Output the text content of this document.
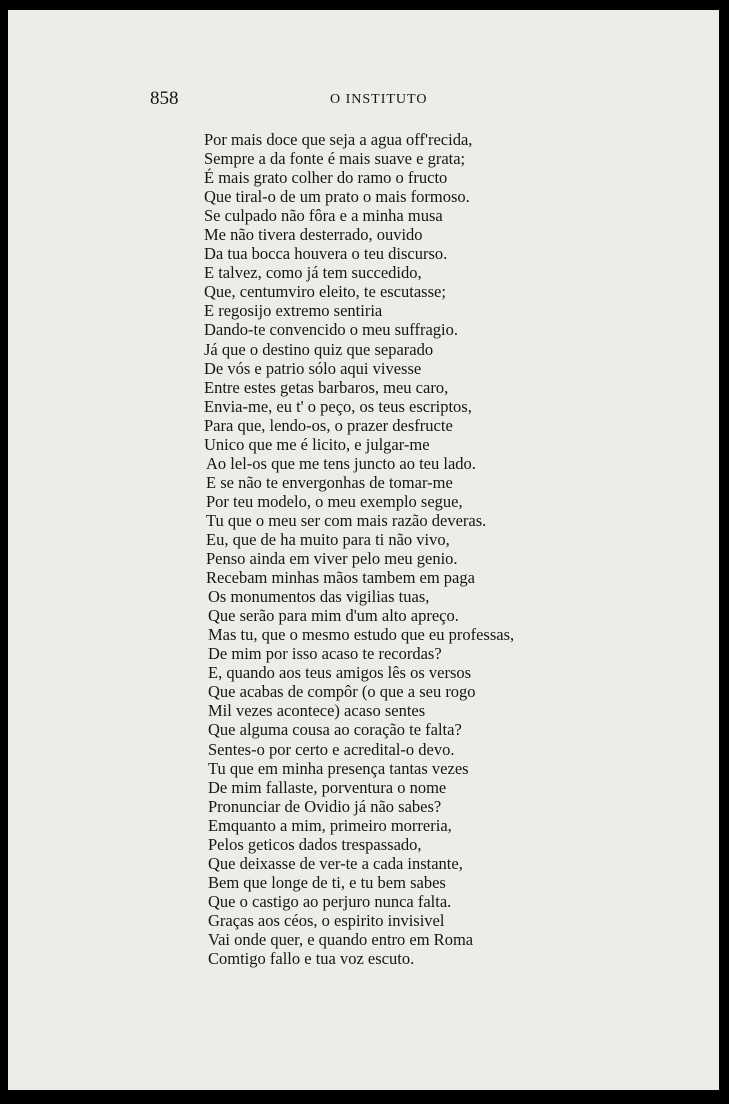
858	O INSTITUTO
Por mais doce que seja a agua off'recida,
Sempre a da fonte é mais suave e grata;
É mais grato colher do ramo o fructo
Que tiral-o de um prato o mais formoso.
Se culpado não fôra e a minha musa
Me não tivera desterrado, ouvido
Da tua bocca houvera o teu discurso.
E talvez, como já tem succedido,
Que, centumviro eleito, te escutasse;
E regosijo extremo sentiria
Dando-te convencido o meu suffragio.
Já que o destino quiz que separado
De vós e patrio sólo aqui vivesse
Entre estes getas barbaros, meu caro,
Envia-me, eu t' o peço, os teus escriptos,
Para que, lendo-os, o prazer desfructe
Unico que me é licito, e julgar-me
Ao lel-os que me tens juncto ao teu lado.
E se não te envergonhas de tomar-me
Por teu modelo, o meu exemplo segue,
Tu que o meu ser com mais razão deveras.
Eu, que de ha muito para ti não vivo,
Penso ainda em viver pelo meu genio.
Recebam minhas mãos tambem em paga
Os monumentos das vigilias tuas,
Que serão para mim d'um alto apreço.
Mas tu, que o mesmo estudo que eu professas,
De mim por isso acaso te recordas?
E, quando aos teus amigos lês os versos
Que acabas de compôr (o que a seu rogo
Mil vezes acontece) acaso sentes
Que alguma cousa ao coração te falta?
Sentes-o por certo e acredital-o devo.
Tu que em minha presença tantas vezes
De mim fallaste, porventura o nome
Pronunciar de Ovidio já não sabes?
Emquanto a mim, primeiro morreria,
Pelos geticos dados trespassado,
Que deixasse de ver-te a cada instante,
Bem que longe de ti, e tu bem sabes
Que o castigo ao perjuro nunca falta.
Graças aos céos, o espirito invisivel
Vai onde quer, e quando entro em Roma
Comtigo fallo e tua voz escuto.
